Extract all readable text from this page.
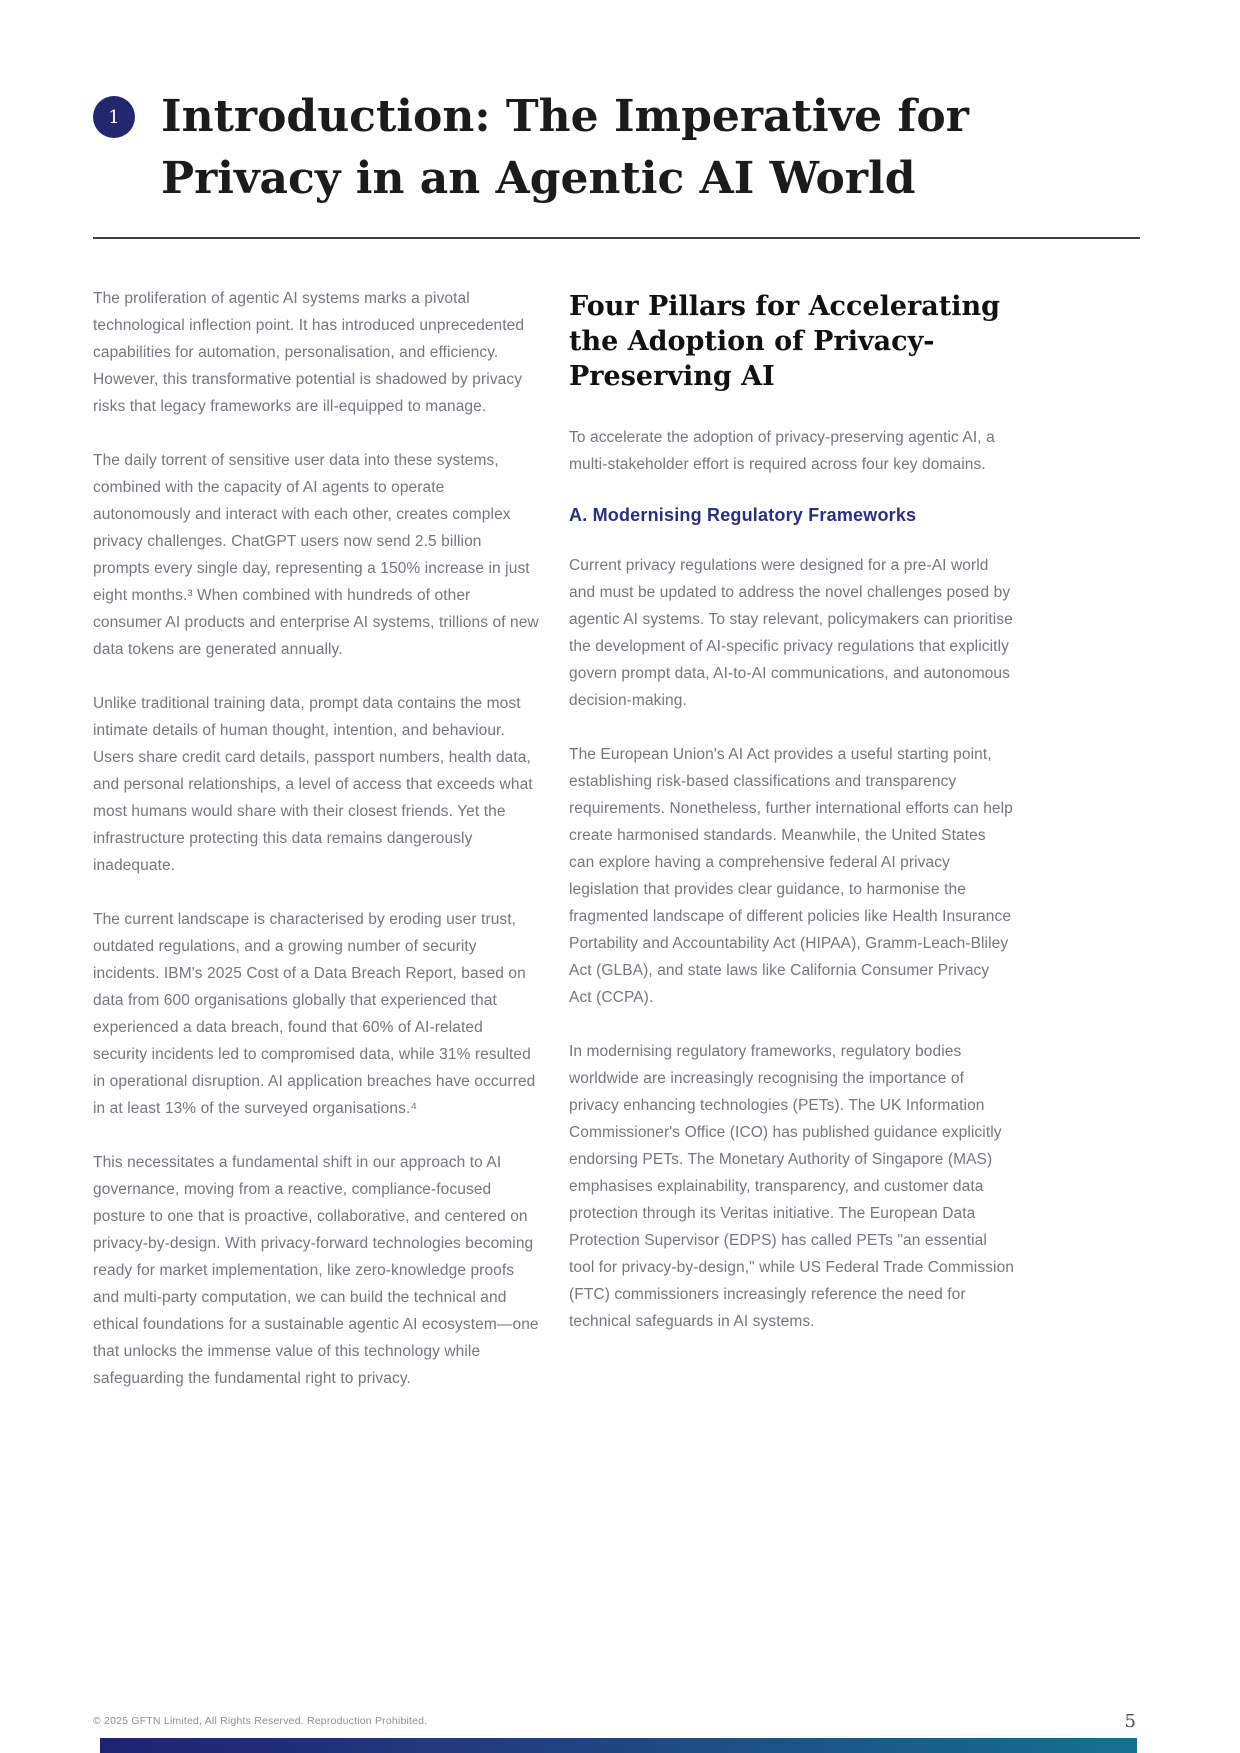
1 Introduction: The Imperative for Privacy in an Agentic AI World

The proliferation of agentic AI systems marks a pivotal technological inflection point. It has introduced unprecedented capabilities for automation, personalisation, and efficiency. However, this transformative potential is shadowed by privacy risks that legacy frameworks are ill-equipped to manage.

The daily torrent of sensitive user data into these systems, combined with the capacity of AI agents to operate autonomously and interact with each other, creates complex privacy challenges. ChatGPT users now send 2.5 billion prompts every single day, representing a 150% increase in just eight months.³ When combined with hundreds of other consumer AI products and enterprise AI systems, trillions of new data tokens are generated annually.

Unlike traditional training data, prompt data contains the most intimate details of human thought, intention, and behaviour. Users share credit card details, passport numbers, health data, and personal relationships, a level of access that exceeds what most humans would share with their closest friends. Yet the infrastructure protecting this data remains dangerously inadequate.

The current landscape is characterised by eroding user trust, outdated regulations, and a growing number of security incidents. IBM's 2025 Cost of a Data Breach Report, based on data from 600 organisations globally that experienced that experienced a data breach, found that 60% of AI-related security incidents led to compromised data, while 31% resulted in operational disruption. AI application breaches have occurred in at least 13% of the surveyed organisations.⁴

This necessitates a fundamental shift in our approach to AI governance, moving from a reactive, compliance-focused posture to one that is proactive, collaborative, and centered on privacy-by-design. With privacy-forward technologies becoming ready for market implementation, like zero-knowledge proofs and multi-party computation, we can build the technical and ethical foundations for a sustainable agentic AI ecosystem—one that unlocks the immense value of this technology while safeguarding the fundamental right to privacy.

Four Pillars for Accelerating the Adoption of Privacy-Preserving AI

To accelerate the adoption of privacy-preserving agentic AI, a multi-stakeholder effort is required across four key domains.

A. Modernising Regulatory Frameworks

Current privacy regulations were designed for a pre-AI world and must be updated to address the novel challenges posed by agentic AI systems. To stay relevant, policymakers can prioritise the development of AI-specific privacy regulations that explicitly govern prompt data, AI-to-AI communications, and autonomous decision-making.

The European Union's AI Act provides a useful starting point, establishing risk-based classifications and transparency requirements. Nonetheless, further international efforts can help create harmonised standards. Meanwhile, the United States can explore having a comprehensive federal AI privacy legislation that provides clear guidance, to harmonise the fragmented landscape of different policies like Health Insurance Portability and Accountability Act (HIPAA), Gramm-Leach-Bliley Act (GLBA), and state laws like California Consumer Privacy Act (CCPA).

In modernising regulatory frameworks, regulatory bodies worldwide are increasingly recognising the importance of privacy enhancing technologies (PETs). The UK Information Commissioner's Office (ICO) has published guidance explicitly endorsing PETs. The Monetary Authority of Singapore (MAS) emphasises explainability, transparency, and customer data protection through its Veritas initiative. The European Data Protection Supervisor (EDPS) has called PETs "an essential tool for privacy-by-design," while US Federal Trade Commission (FTC) commissioners increasingly reference the need for technical safeguards in AI systems.

© 2025 GFTN Limited, All Rights Reserved. Reproduction Prohibited.	5
